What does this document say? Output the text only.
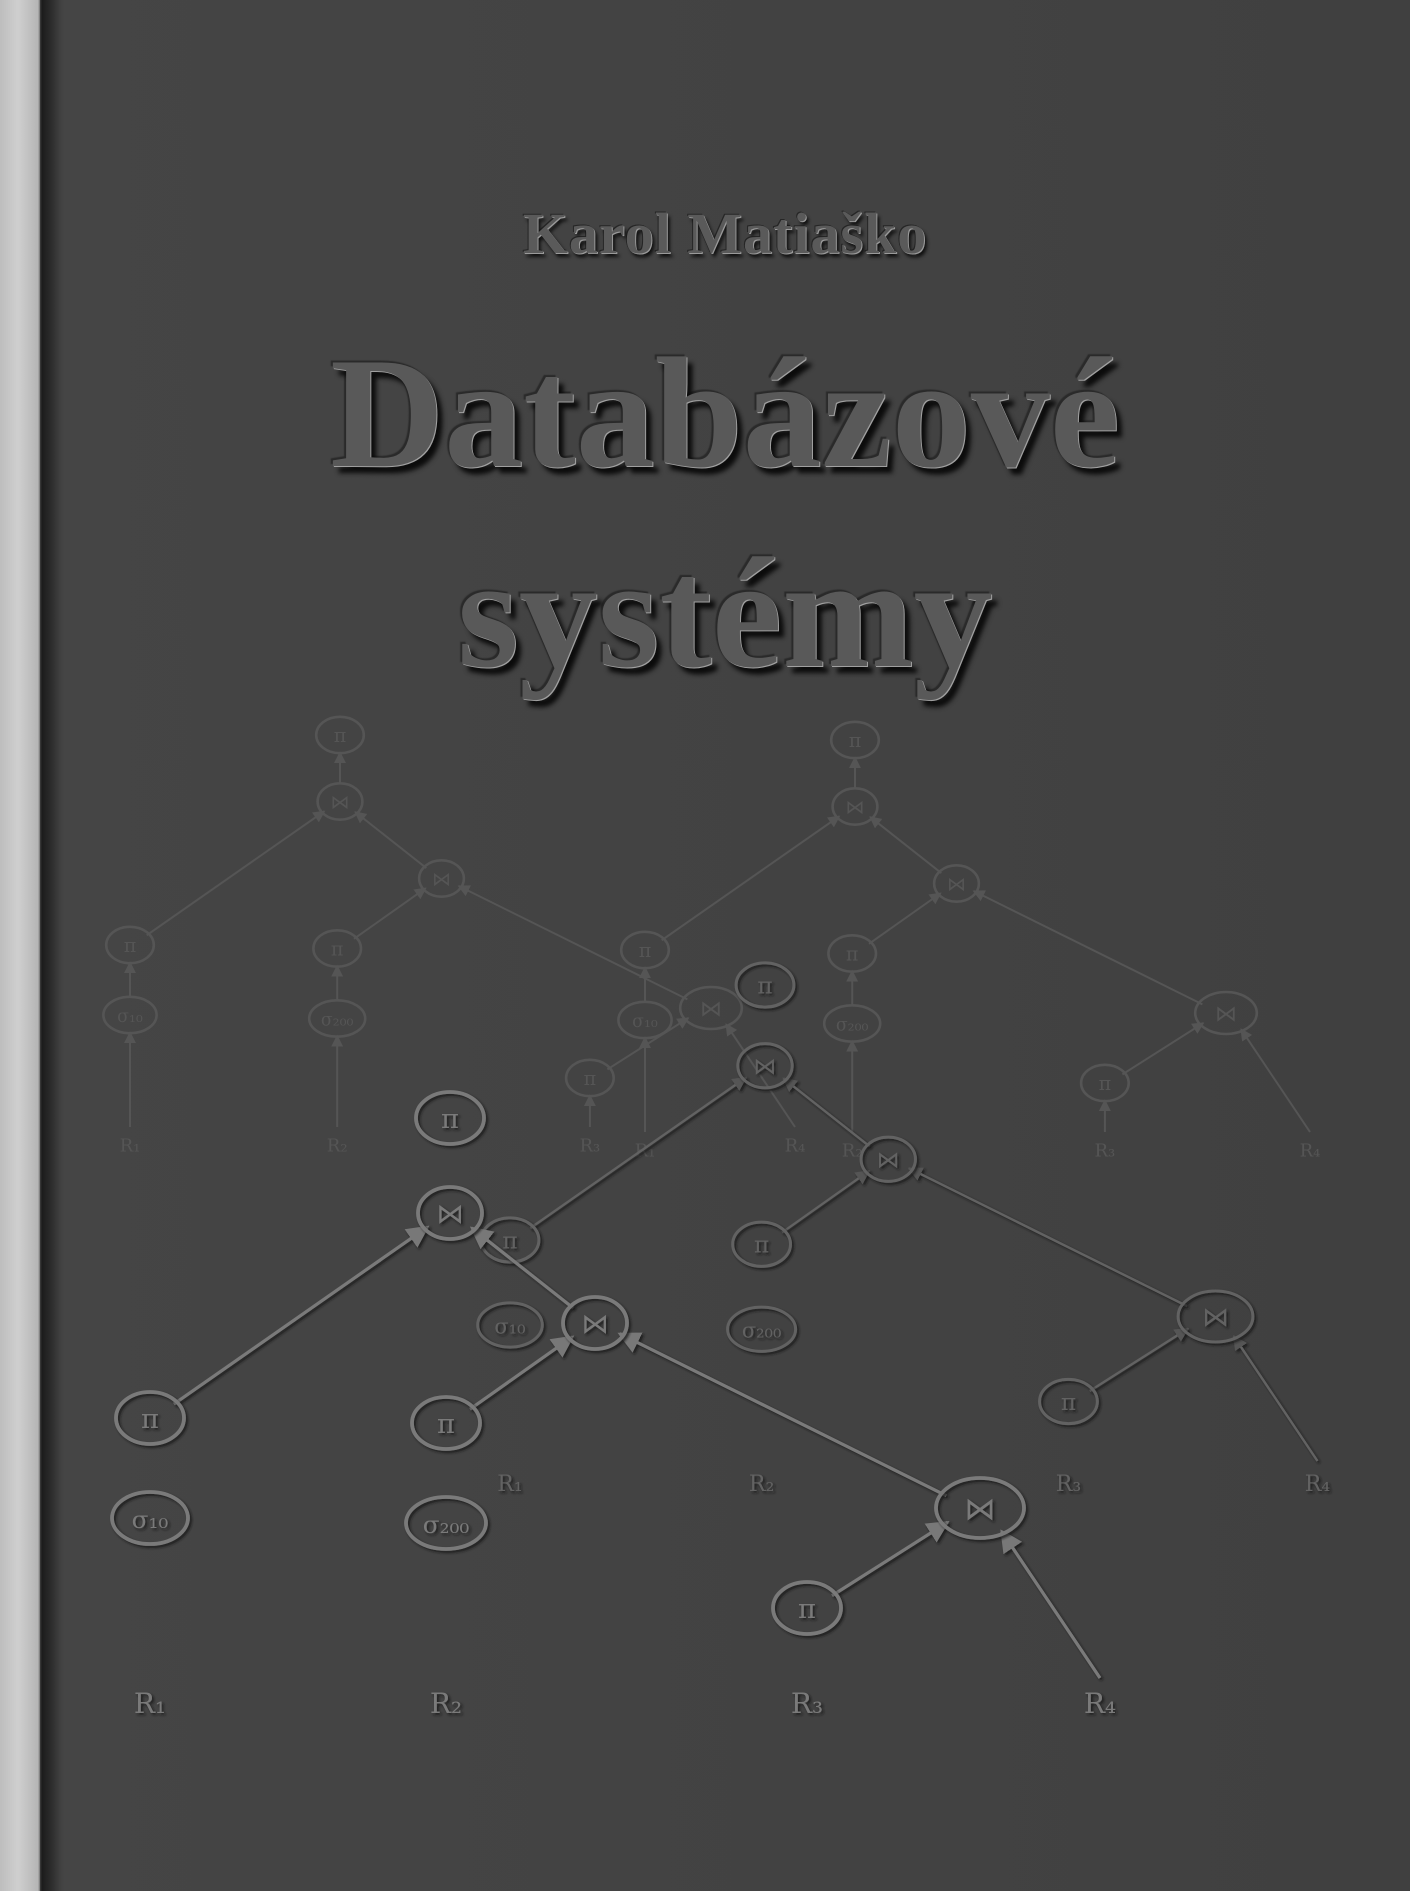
Karol Matiaško
Databázové
systémy
π
⋈
π
σ₁₀
⋈
π
σ₂₀₀	⋈
π
R₁	R₂	R₃	R₄
π
⋈
π
σ₁₀
⋈
π
σ₂₀₀	⋈
π
R₁	R₂	R₃	R₄
π
⋈
π
σ₁₀
⋈
π
σ₂₀₀	⋈
π
R₁	R₂	R₃	R₄
π
⋈
π
σ₁₀
⋈
π
σ₂₀₀	⋈
π
R₁	R₂	R₃	R₄
